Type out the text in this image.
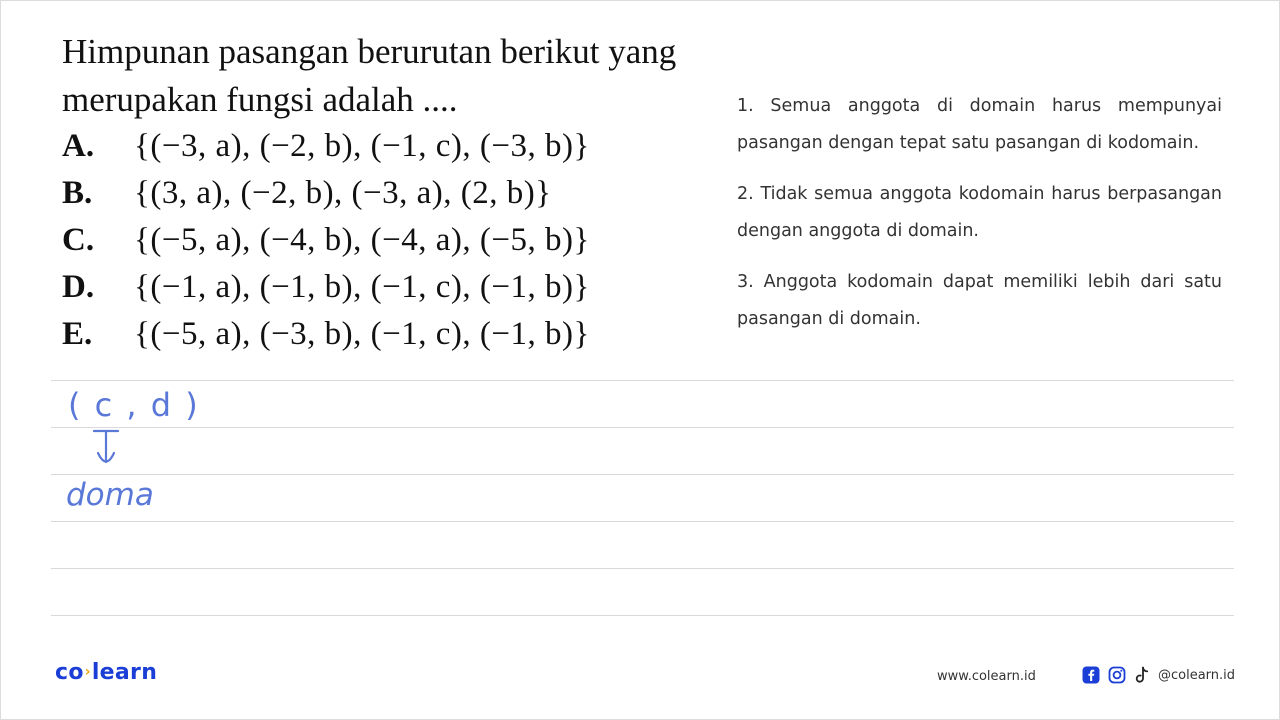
Himpunan pasangan berurutan berikut yang
merupakan fungsi adalah ....
A.	{(−3, a), (−2, b), (−1, c), (−3, b)}
B.	{(3, a), (−2, b), (−3, a), (2, b)}
C.	{(−5, a), (−4, b), (−4, a), (−5, b)}
D.	{(−1, a), (−1, b), (−1, c), (−1, b)}
E.	{(−5, a), (−3, b), (−1, c), (−1, b)}

1. Semua anggota di domain harus mempunyai pasangan dengan tepat satu pasangan di kodomain.

2. Tidak semua anggota kodomain harus berpasangan dengan anggota di domain.

3. Anggota kodomain dapat memiliki lebih dari satu pasangan di domain.

( c , d )
doma
co›learn	www.colearn.id	@colearn.id
